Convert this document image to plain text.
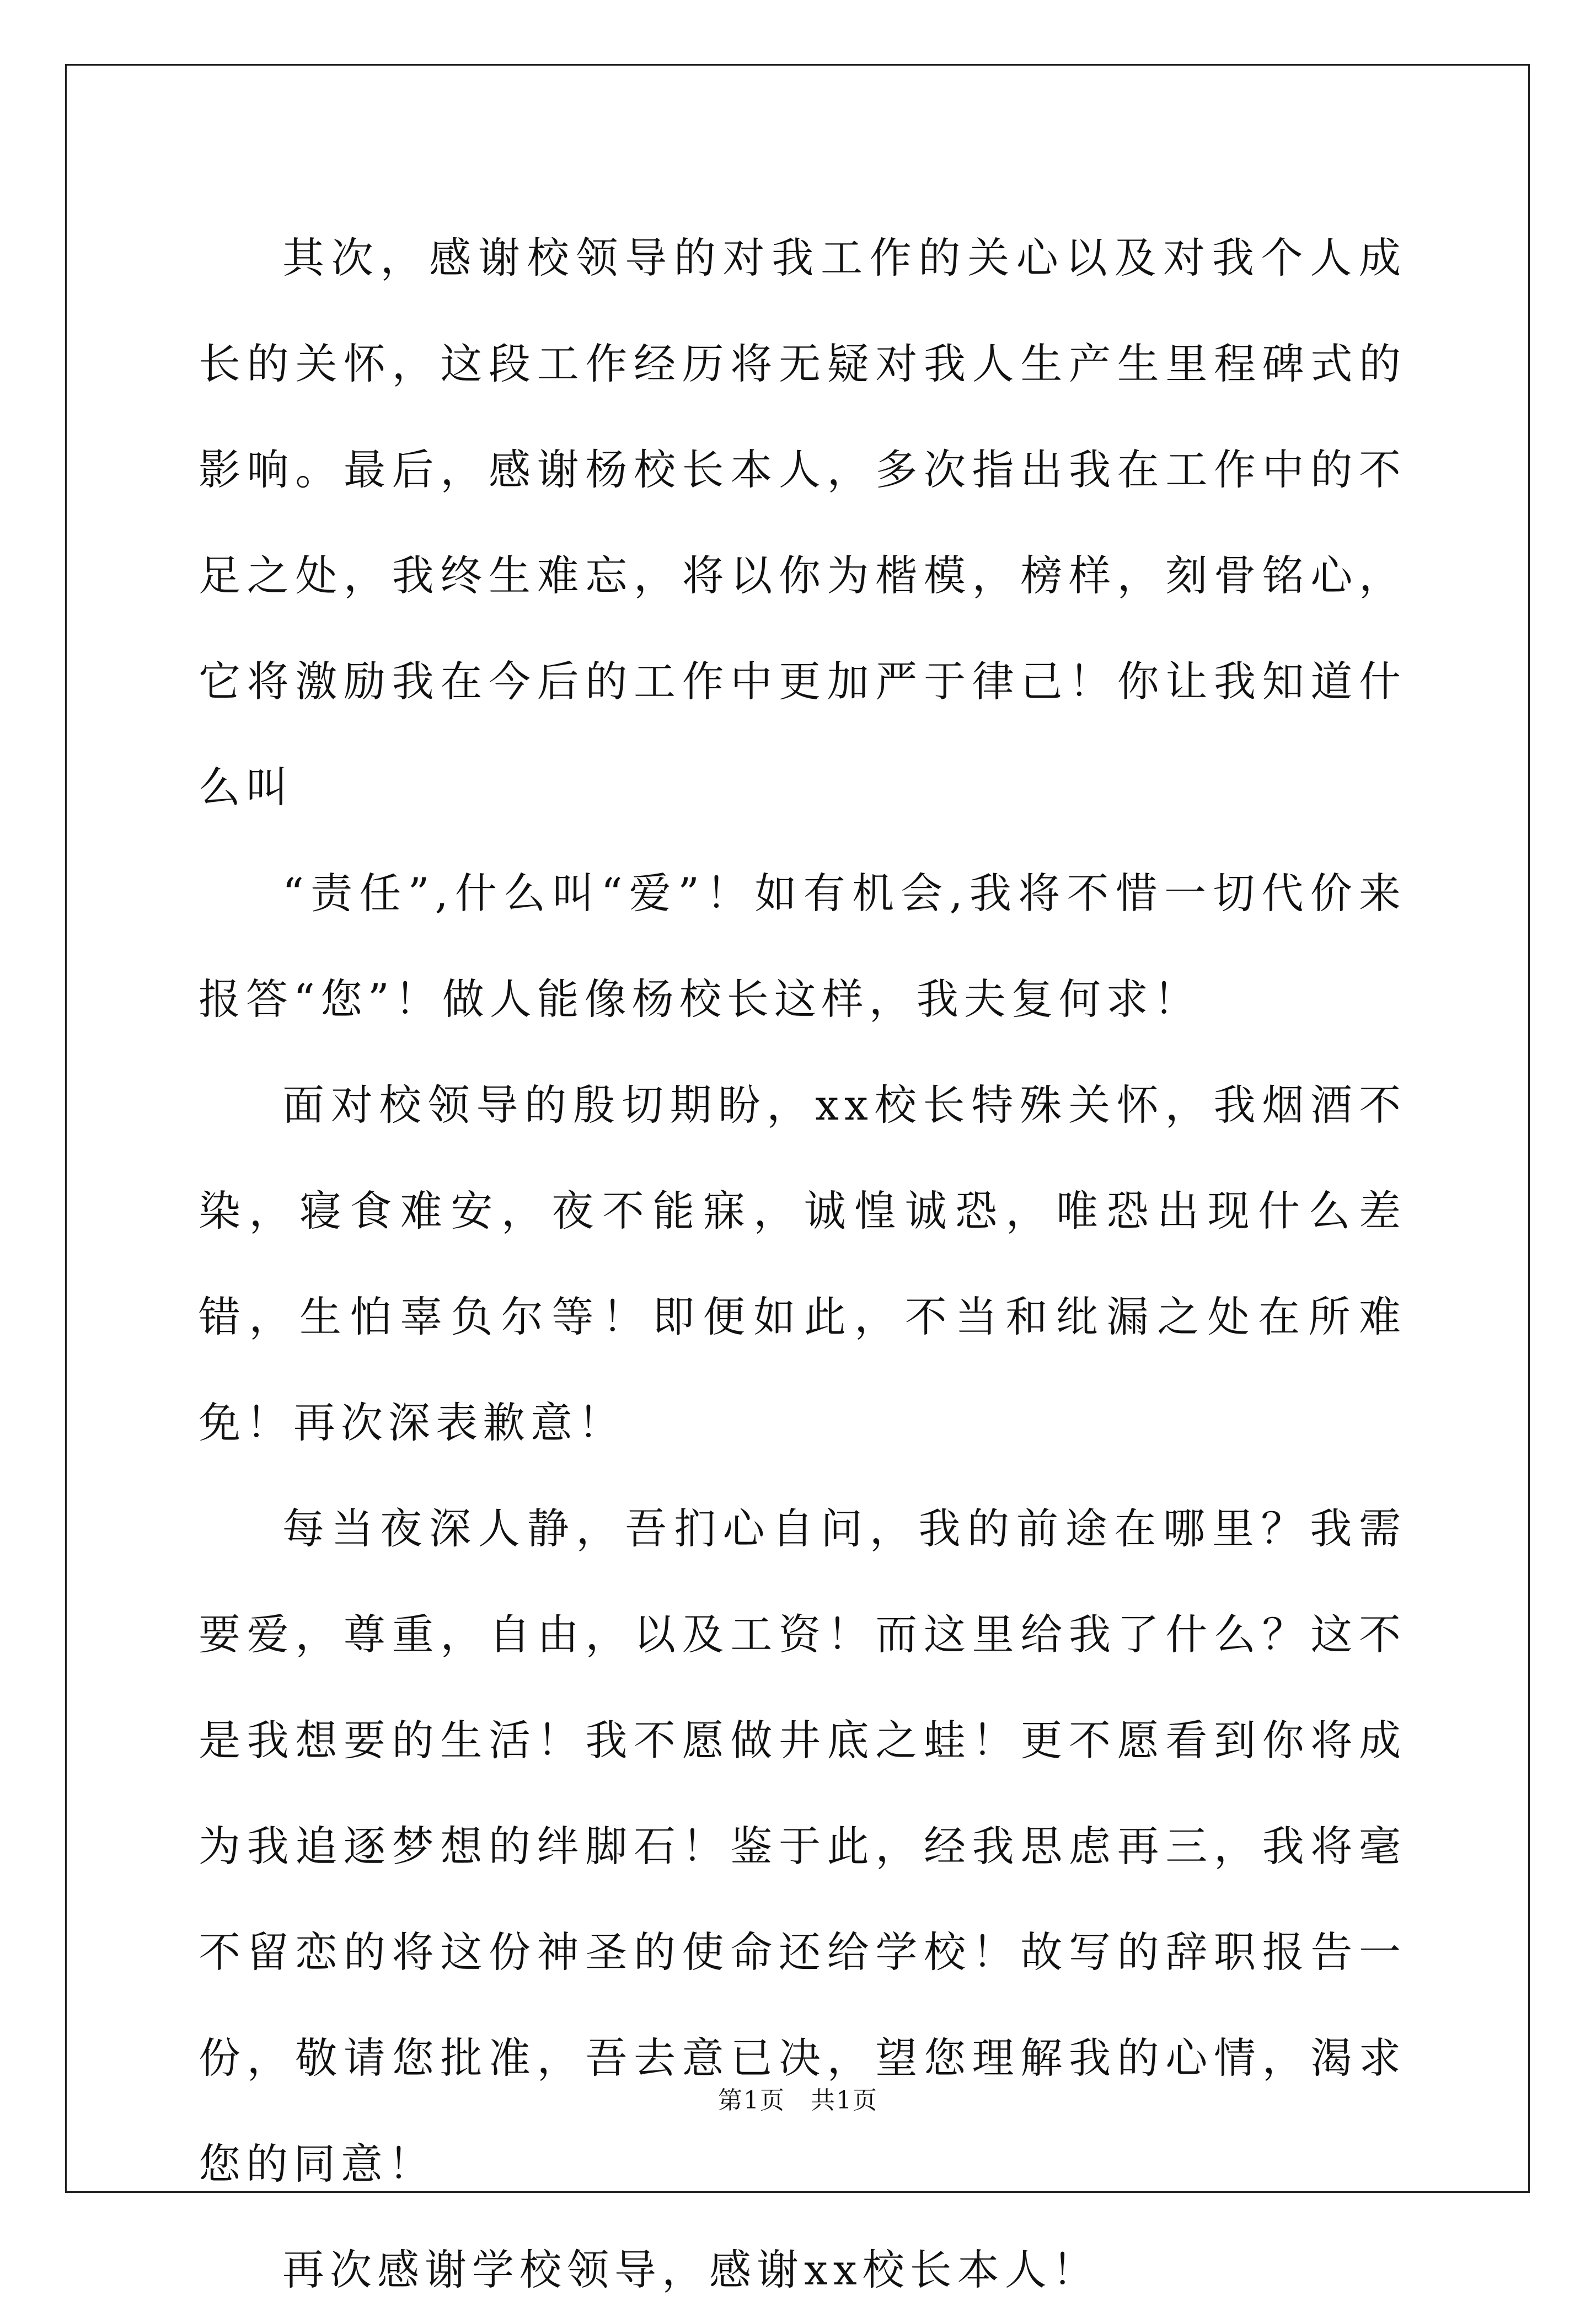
其次，感谢校领导的对我工作的关心以及对我个人成长的关怀，这段工作经历将无疑对我人生产生里程碑式的影响。最后，感谢杨校长本人，多次指出我在工作中的不足之处，我终生难忘，将以你为楷模，榜样，刻骨铭心，它将激励我在今后的工作中更加严于律己！你让我知道什么叫

“责任”,什么叫“爱”！如有机会,我将不惜一切代价来报答“您”！做人能像杨校长这样，我夫复何求！

面对校领导的殷切期盼，xx校长特殊关怀，我烟酒不染，寝食难安，夜不能寐，诚惶诚恐，唯恐出现什么差错，生怕辜负尔等！即便如此，不当和纰漏之处在所难免！再次深表歉意！

每当夜深人静，吾扪心自问，我的前途在哪里？我需要爱，尊重，自由，以及工资！而这里给我了什么？这不是我想要的生活！我不愿做井底之蛙！更不愿看到你将成为我追逐梦想的绊脚石！鉴于此，经我思虑再三，我将毫不留恋的将这份神圣的使命还给学校！故写的辞职报告一份，敬请您批准，吾去意已决，望您理解我的心情，渴求您的同意！

再次感谢学校领导，感谢xx校长本人！

第1页　共1页
